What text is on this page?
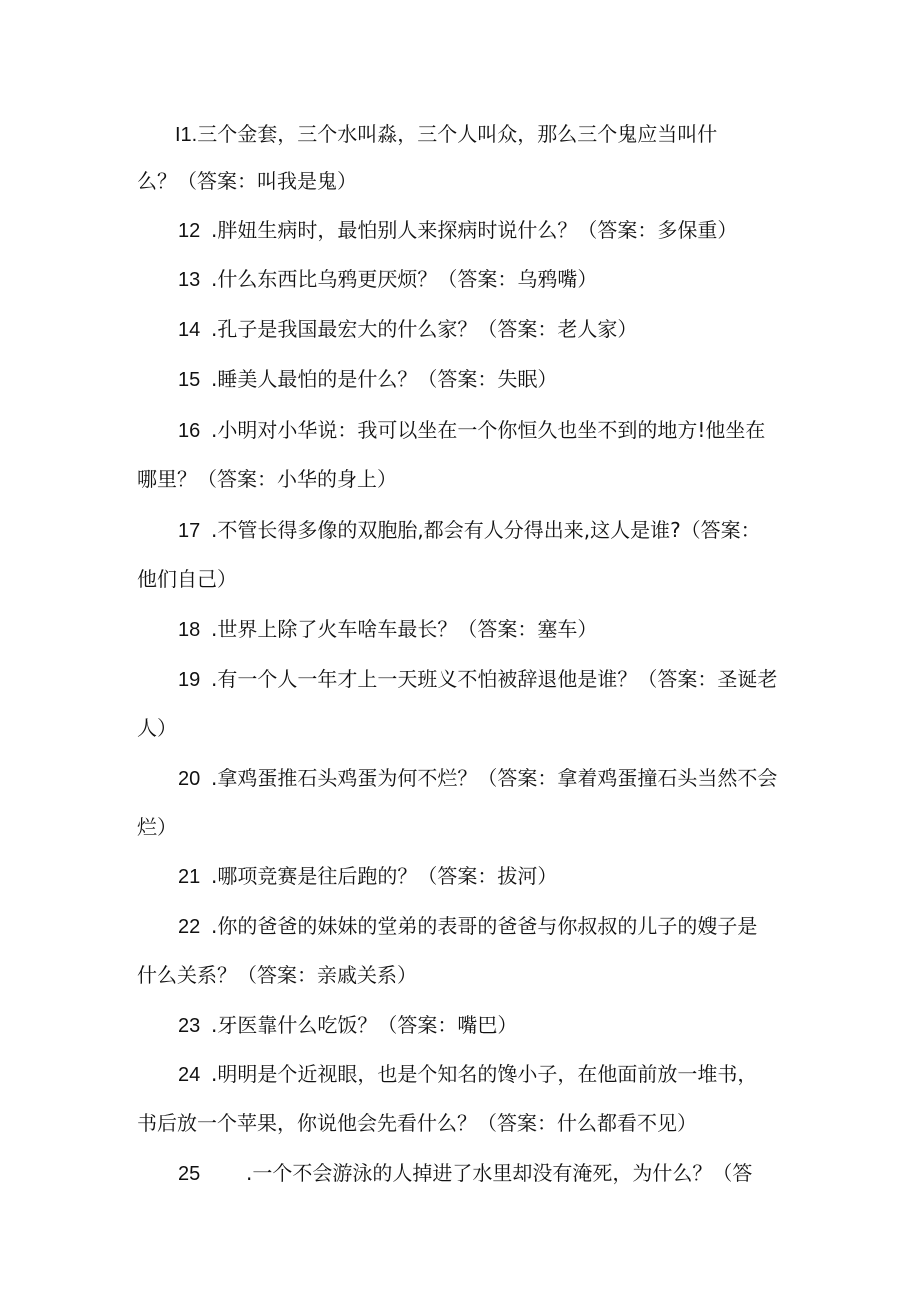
I1.三个金套，三个水叫淼，三个人叫众，那么三个鬼应当叫什
么？（答案：叫我是鬼）
12 .胖妞生病时，最怕别人来探病时说什么？（答案：多保重）
13 .什么东西比乌鸦更厌烦？（答案：乌鸦嘴）
14 .孔子是我国最宏大的什么家？（答案：老人家）
15 .睡美人最怕的是什么？（答案：失眠）
16 .小明对小华说：我可以坐在一个你恒久也坐不到的地方!他坐在
哪里？（答案：小华的身上）
17 .不管长得多像的双胞胎,都会有人分得出来,这人是谁?（答案：
他们自己）
18 .世界上除了火车啥车最长？（答案：塞车）
19 .有一个人一年才上一天班义不怕被辞退他是谁？（答案：圣诞老
人）
20 .拿鸡蛋推石头鸡蛋为何不烂？（答案：拿着鸡蛋撞石头当然不会
烂）
21 .哪项竞赛是往后跑的？（答案：拔河）
22 .你的爸爸的妹妹的堂弟的表哥的爸爸与你叔叔的儿子的嫂子是
什么关系？（答案：亲戚关系）
23 .牙医靠什么吃饭？（答案：嘴巴）
24 .明明是个近视眼，也是个知名的馋小子，在他面前放一堆书，
书后放一个苹果，你说他会先看什么？（答案：什么都看不见）
25 .一个不会游泳的人掉进了水里却没有淹死，为什么？（答
